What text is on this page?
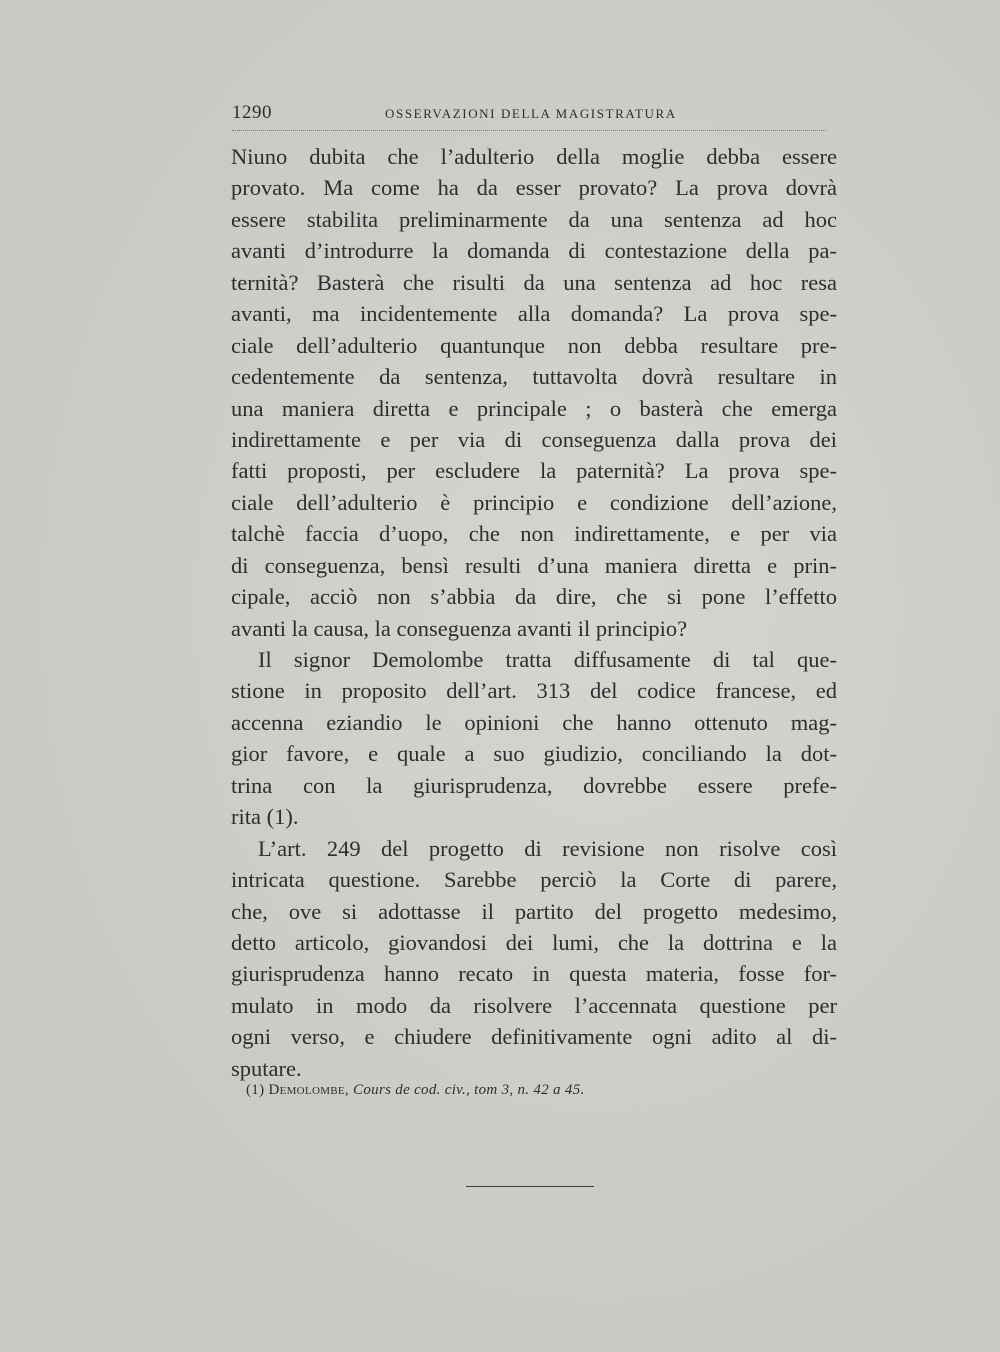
1290	OSSERVAZIONI DELLA MAGISTRATURA
Niuno dubita che l’adulterio della moglie debba essere
provato. Ma come ha da esser provato? La prova dovrà
essere stabilita preliminarmente da una sentenza ad hoc
avanti d’introdurre la domanda di contestazione della pa-
ternità? Basterà che risulti da una sentenza ad hoc resa
avanti, ma incidentemente alla domanda? La prova spe-
ciale dell’adulterio quantunque non debba resultare pre-
cedentemente da sentenza, tuttavolta dovrà resultare in
una maniera diretta e principale ; o basterà che emerga
indirettamente e per via di conseguenza dalla prova dei
fatti proposti, per escludere la paternità? La prova spe-
ciale dell’adulterio è principio e condizione dell’azione,
talchè faccia d’uopo, che non indirettamente, e per via
di conseguenza, bensì resulti d’una maniera diretta e prin-
cipale, acciò non s’abbia da dire, che si pone l’effetto
avanti la causa, la conseguenza avanti il principio?
Il signor Demolombe tratta diffusamente di tal que-
stione in proposito dell’art. 313 del codice francese, ed
accenna eziandio le opinioni che hanno ottenuto mag-
gior favore, e quale a suo giudizio, conciliando la dot-
trina con la giurisprudenza, dovrebbe essere prefe-
rita (1).
L’art. 249 del progetto di revisione non risolve così
intricata questione. Sarebbe perciò la Corte di parere,
che, ove si adottasse il partito del progetto medesimo,
detto articolo, giovandosi dei lumi, che la dottrina e la
giurisprudenza hanno recato in questa materia, fosse for-
mulato in modo da risolvere l’accennata questione per
ogni verso, e chiudere definitivamente ogni adito al di-
sputare.
(1) Demolombe, Cours de cod. civ., tom 3, n. 42 a 45.
